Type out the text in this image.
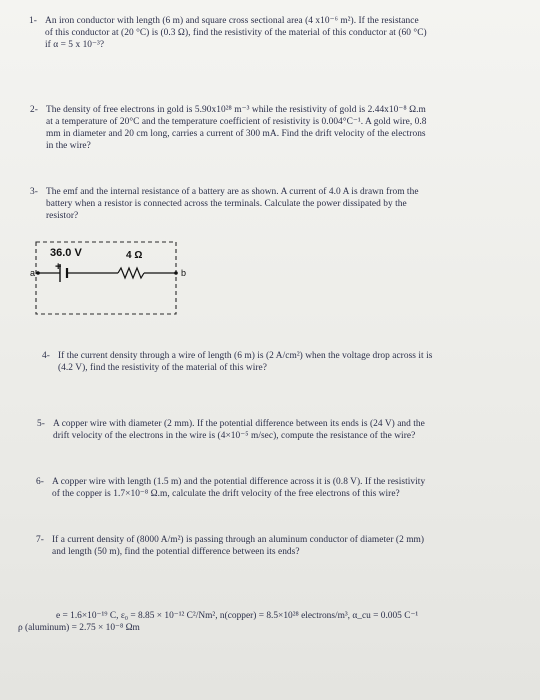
1- An iron conductor with length (6 m) and square cross sectional area (4 x10⁻⁶ m²). If the resistance
of this conductor at (20 °C) is (0.3 Ω), find the resistivity of the material of this conductor at (60 °C)
if α = 5 x 10⁻³?
2- The density of free electrons in gold is 5.90x10²⁸ m⁻³ while the resistivity of gold is 2.44x10⁻⁸ Ω.m
at a temperature of 20°C and the temperature coefficient of resistivity is 0.004°C⁻¹. A gold wire, 0.8
mm in diameter and 20 cm long, carries a current of 300 mA. Find the drift velocity of the electrons
in the wire?
3- The emf and the internal resistance of a battery are as shown. A current of 4.0 A is drawn from the
battery when a resistor is connected across the terminals. Calculate the power dissipated by the
resistor?
36.0 V	4 Ω
+
a	b
4- If the current density through a wire of length (6 m) is (2 A/cm²) when the voltage drop across it is
(4.2 V), find the resistivity of the material of this wire?
5- A copper wire with diameter (2 mm). If the potential difference between its ends is (24 V) and the
drift velocity of the electrons in the wire is (4×10⁻⁵ m/sec), compute the resistance of the wire?
6- A copper wire with length (1.5 m) and the potential difference across it is (0.8 V). If the resistivity
of the copper is 1.7×10⁻⁸ Ω.m, calculate the drift velocity of the free electrons of this wire?
7- If a current density of (8000 A/m²) is passing through an aluminum conductor of diameter (2 mm)
and length (50 m), find the potential difference between its ends?
e = 1.6×10⁻¹⁹ C, ε₀ = 8.85 × 10⁻¹² C²/Nm², n(copper) = 8.5×10²⁸ electrons/m³, α_cu = 0.005 C⁻¹
ρ (aluminum) = 2.75 × 10⁻⁸ Ωm
